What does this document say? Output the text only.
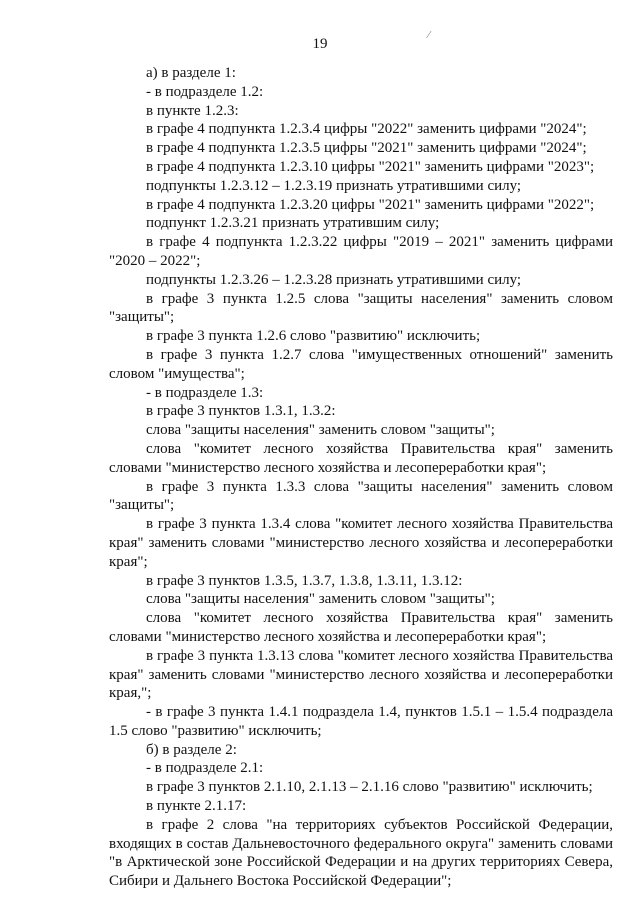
⁄
19

а) в разделе 1:

- в подразделе 1.2:

в пункте 1.2.3:

в графе 4 подпункта 1.2.3.4 цифры "2022" заменить цифрами "2024";

в графе 4 подпункта 1.2.3.5 цифры "2021" заменить цифрами "2024";

в графе 4 подпункта 1.2.3.10 цифры "2021" заменить цифрами "2023";

подпункты 1.2.3.12 – 1.2.3.19 признать утратившими силу;

в графе 4 подпункта 1.2.3.20 цифры "2021" заменить цифрами "2022";

подпункт 1.2.3.21 признать утратившим силу;

в графе 4 подпункта 1.2.3.22 цифры "2019 – 2021" заменить цифрами "2020 – 2022";

подпункты 1.2.3.26 – 1.2.3.28 признать утратившими силу;

в графе 3 пункта 1.2.5 слова "защиты населения" заменить словом "защиты";

в графе 3 пункта 1.2.6 слово "развитию" исключить;

в графе 3 пункта 1.2.7 слова "имущественных отношений" заменить словом "имущества";

- в подразделе 1.3:

в графе 3 пунктов 1.3.1, 1.3.2:

слова "защиты населения" заменить словом "защиты";

слова "комитет лесного хозяйства Правительства края" заменить словами "министерство лесного хозяйства и лесопереработки края";

в графе 3 пункта 1.3.3 слова "защиты населения" заменить словом "защиты";

в графе 3 пункта 1.3.4 слова "комитет лесного хозяйства Правительства края" заменить словами "министерство лесного хозяйства и лесопереработки края";

в графе 3 пунктов 1.3.5, 1.3.7, 1.3.8, 1.3.11, 1.3.12:

слова "защиты населения" заменить словом "защиты";

слова "комитет лесного хозяйства Правительства края" заменить словами "министерство лесного хозяйства и лесопереработки края";

в графе 3 пункта 1.3.13 слова "комитет лесного хозяйства Правительства края" заменить словами "министерство лесного хозяйства и лесопереработки края,";

- в графе 3 пункта 1.4.1 подраздела 1.4, пунктов 1.5.1 – 1.5.4 подраздела 1.5 слово "развитию" исключить;

б) в разделе 2:

- в подразделе 2.1:

в графе 3 пунктов 2.1.10, 2.1.13 – 2.1.16 слово "развитию" исключить;

в пункте 2.1.17:

в графе 2 слова "на территориях субъектов Российской Федерации, входящих в состав Дальневосточного федерального округа" заменить словами "в Арктической зоне Российской Федерации и на других территориях Севера, Сибири и Дальнего Востока Российской Федерации";
